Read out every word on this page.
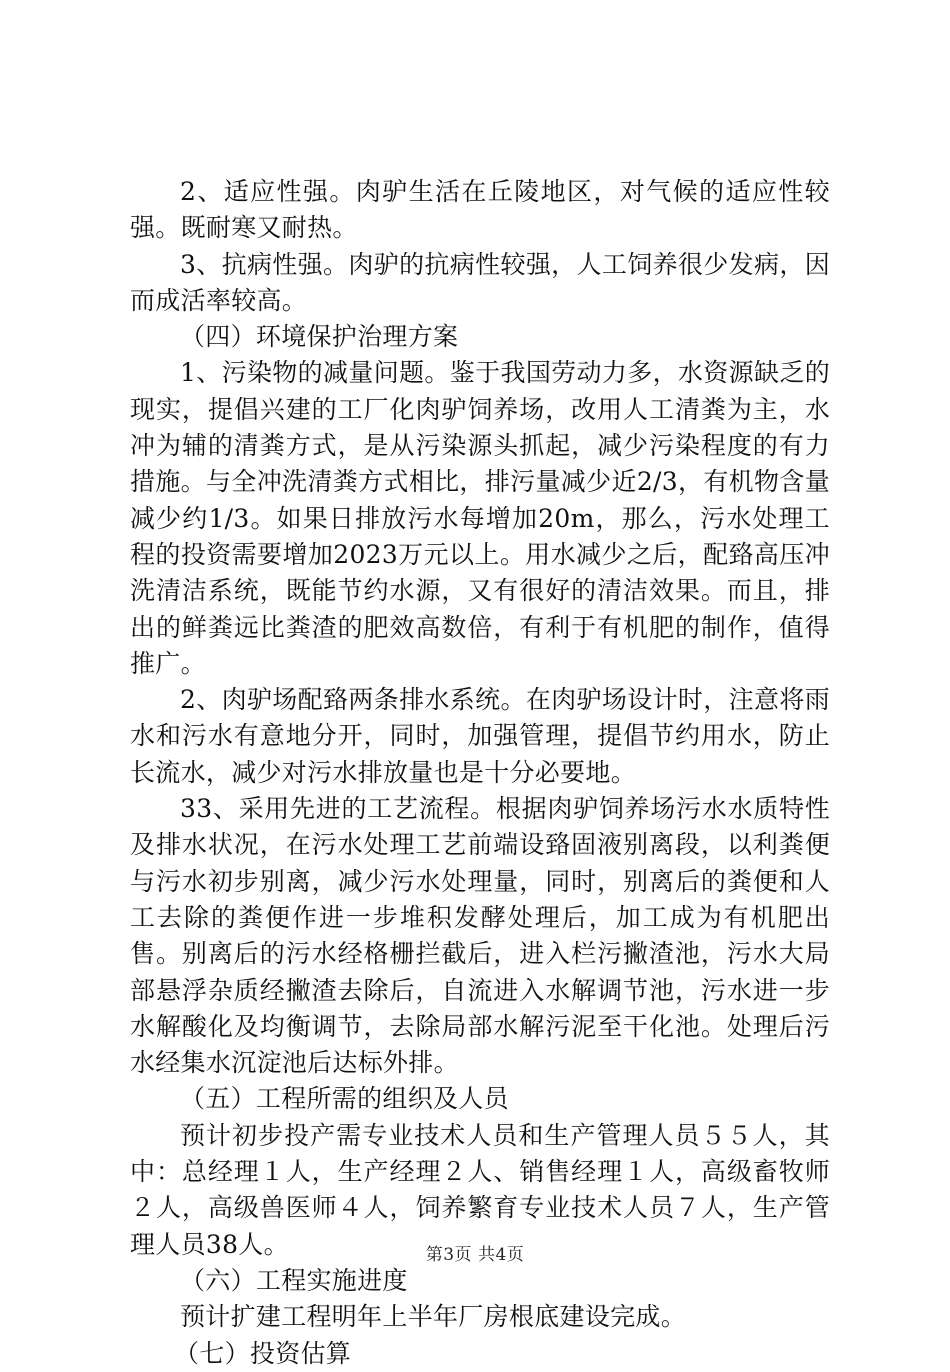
2、适应性强。肉驴生活在丘陵地区，对气候的适应性较强。既耐寒又耐热。

3、抗病性强。肉驴的抗病性较强，人工饲养很少发病，因而成活率较高。

（四）环境保护治理方案

1、污染物的减量问题。鉴于我国劳动力多，水资源缺乏的现实，提倡兴建的工厂化肉驴饲养场，改用人工清粪为主，水冲为辅的清粪方式，是从污染源头抓起，减少污染程度的有力措施。与全冲洗清粪方式相比，排污量减少近2/3，有机物含量减少约1/3。如果日排放污水每增加20m，那么，污水处理工程的投资需要增加2023万元以上。用水减少之后，配臵高压冲洗清洁系统，既能节约水源，又有很好的清洁效果。而且，排出的鲜粪远比粪渣的肥效高数倍，有利于有机肥的制作，值得推广。

2、肉驴场配臵两条排水系统。在肉驴场设计时，注意将雨水和污水有意地分开，同时，加强管理，提倡节约用水，防止长流水，减少对污水排放量也是十分必要地。

33、采用先进的工艺流程。根据肉驴饲养场污水水质特性及排水状况，在污水处理工艺前端设臵固液别离段，以利粪便与污水初步别离，减少污水处理量，同时，别离后的粪便和人工去除的粪便作进一步堆积发酵处理后，加工成为有机肥出售。别离后的污水经格栅拦截后，进入栏污撇渣池，污水大局部悬浮杂质经撇渣去除后，自流进入水解调节池，污水进一步水解酸化及均衡调节，去除局部水解污泥至干化池。处理后污水经集水沉淀池后达标外排。

（五）工程所需的组织及人员

预计初步投产需专业技术人员和生产管理人员５５人，其中：总经理１人，生产经理２人、销售经理１人，高级畜牧师２人，高级兽医师４人，饲养繁育专业技术人员７人，生产管理人员38人。

（六）工程实施进度

预计扩建工程明年上半年厂房根底建设完成。

（七）投资估算

第3页 共4页
